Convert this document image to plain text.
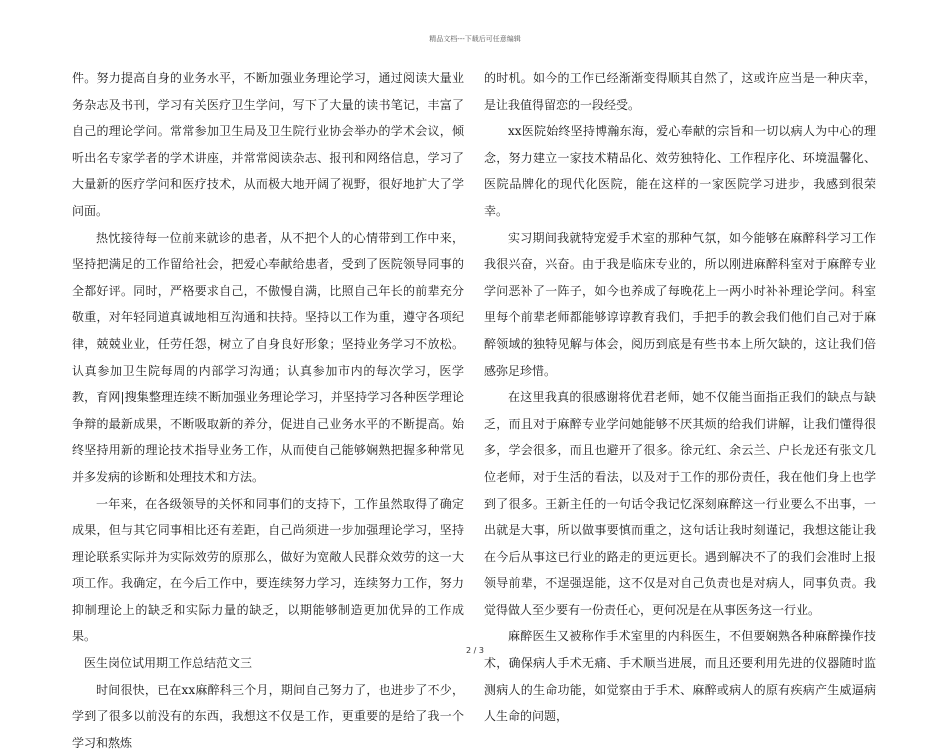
精品文档---下载后可任意编辑

件。努力提高自身的业务水平，不断加强业务理论学习，通过阅读大量业务杂志及书刊，学习有关医疗卫生学问，写下了大量的读书笔记，丰富了自己的理论学问。常常参加卫生局及卫生院行业协会举办的学术会议，倾听出名专家学者的学术讲座，并常常阅读杂志、报刊和网络信息，学习了大量新的医疗学问和医疗技术，从而极大地开阔了视野，很好地扩大了学问面。

热忱接待每一位前来就诊的患者，从不把个人的心情带到工作中来，坚持把满足的工作留给社会，把爱心奉献给患者，受到了医院领导同事的全都好评。同时，严格要求自己，不傲慢自满，比照自己年长的前辈充分敬重，对年轻同道真诚地相互沟通和扶持。坚持以工作为重，遵守各项纪律，兢兢业业，任劳任怨，树立了自身良好形象；坚持业务学习不放松。认真参加卫生院每周的内部学习沟通；认真参加市内的每次学习，医学教，育网|搜集整理连续不断加强业务理论学习，并坚持学习各种医学理论争辩的最新成果，不断吸取新的养分，促进自己业务水平的不断提高。始终坚持用新的理论技术指导业务工作，从而使自己能够娴熟把握多种常见并多发病的诊断和处理技术和方法。

一年来，在各级领导的关怀和同事们的支持下，工作虽然取得了确定成果，但与其它同事相比还有差距，自己尚须进一步加强理论学习，坚持理论联系实际并为实际效劳的原那么，做好为宽敞人民群众效劳的这一大项工作。我确定，在今后工作中，要连续努力学习，连续努力工作，努力抑制理论上的缺乏和实际力量的缺乏，以期能够制造更加优异的工作成果。

医生岗位试用期工作总结范文三

时间很快，已在xx麻醉科三个月，期间自己努力了，也进步了不少，学到了很多以前没有的东西，我想这不仅是工作，更重要的是给了我一个学习和熬炼

的时机。如今的工作已经渐渐变得顺其自然了，这或许应当是一种庆幸，是让我值得留恋的一段经受。

xx医院始终坚持博瀚东海，爱心奉献的宗旨和一切以病人为中心的理念，努力建立一家技术精品化、效劳独特化、工作程序化、环境温馨化、医院品牌化的现代化医院，能在这样的一家医院学习进步，我感到很荣幸。

实习期间我就特宠爱手术室的那种气氛，如今能够在麻醉科学习工作我很兴奋，兴奋。由于我是临床专业的，所以刚进麻醉科室对于麻醉专业学问恶补了一阵子，如今也养成了每晚花上一两小时补补理论学问。科室里每个前辈老师都能够谆谆教育我们，手把手的教会我们他们自己对于麻醉领域的独特见解与体会，阅历到底是有些书本上所欠缺的，这让我们倍感弥足珍惜。

在这里我真的很感谢将优君老师，她不仅能当面指正我们的缺点与缺乏，而且对于麻醉专业学问她能够不厌其烦的给我们讲解，让我们懂得很多，学会很多，而且也避开了很多。徐元红、余云兰、户长龙还有张文几位老师，对于生活的看法，以及对于工作的那份责任，我在他们身上也学到了很多。王新主任的一句话令我记忆深刻麻醉这一行业要么不出事，一出就是大事，所以做事要慎而重之，这句话让我时刻谨记，我想这能让我在今后从事这已行业的路走的更远更长。遇到解决不了的我们会准时上报领导前辈，不逞强逞能，这不仅是对自己负责也是对病人，同事负责。我觉得做人至少要有一份责任心，更何况是在从事医务这一行业。

麻醉医生又被称作手术室里的内科医生，不但要娴熟各种麻醉操作技术，确保病人手术无痛、手术顺当进展，而且还要利用先进的仪器随时监测病人的生命功能，如觉察由于手术、麻醉或病人的原有疾病产生威逼病人生命的问题，

2 / 3
